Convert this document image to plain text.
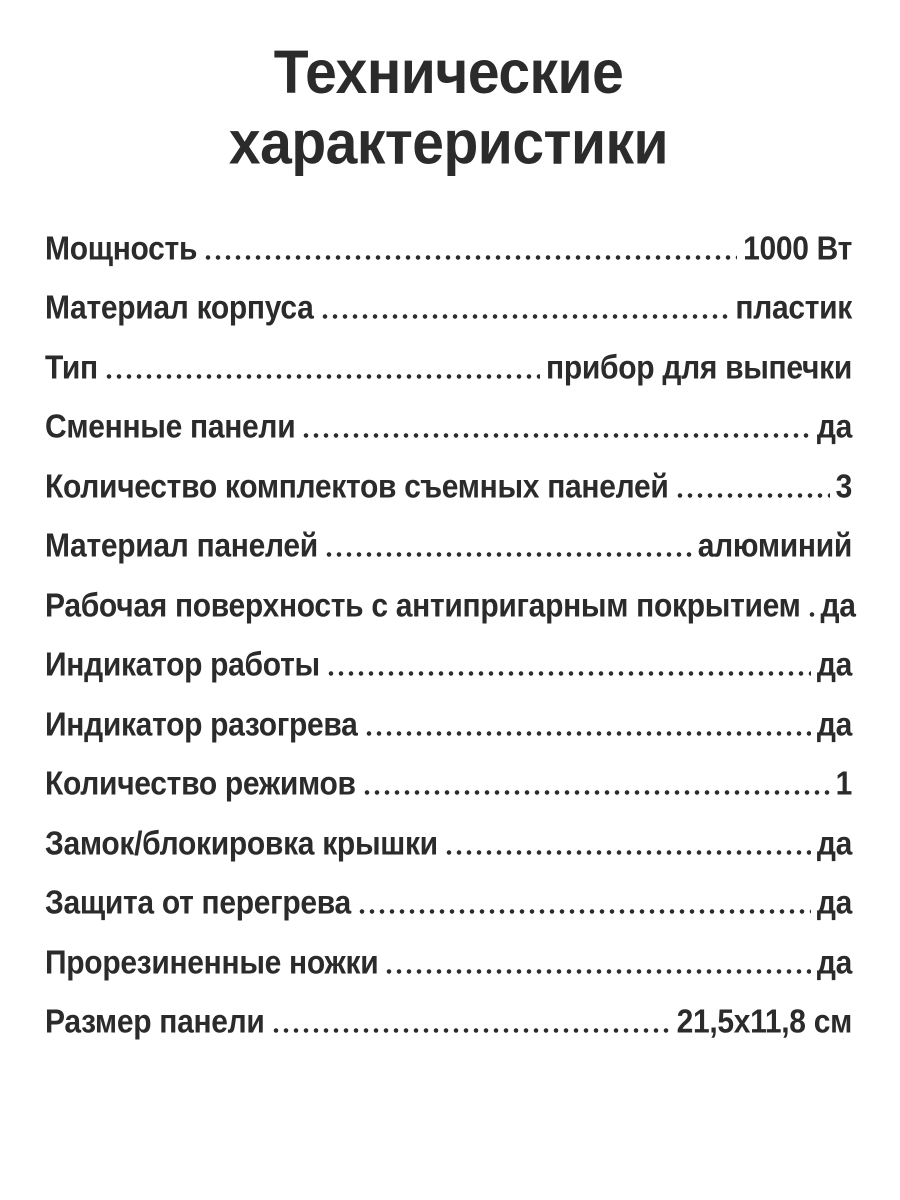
Технические характеристики
Мощность	1000 Вт
Материал корпуса	пластик
Тип	прибор для выпечки
Сменные панели	да
Количество комплектов съемных панелей	3
Материал панелей	алюминий
Рабочая поверхность с антипригарным покрытием да
Индикатор работы	да
Индикатор разогрева	да
Количество режимов	1
Замок/блокировка крышки	да
Защита от перегрева	да
Прорезиненные ножки	да
Размер панели	21,5х11,8 см
